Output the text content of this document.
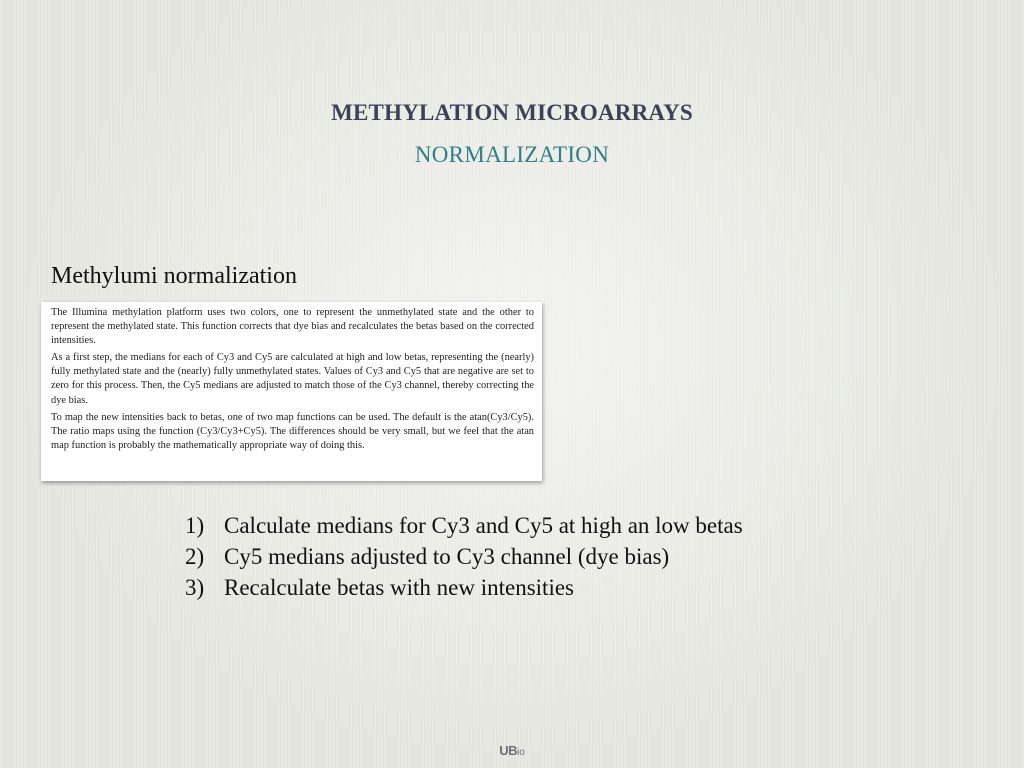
METHYLATION MICROARRAYS
NORMALIZATION
Methylumi normalization

The Illumina methylation platform uses two colors, one to represent the unmethylated state and the other to represent the methylated state. This function corrects that dye bias and recalculates the betas based on the corrected intensities.

As a first step, the medians for each of Cy3 and Cy5 are calculated at high and low betas, representing the (nearly) fully methylated state and the (nearly) fully unmethylated states. Values of Cy3 and Cy5 that are negative are set to zero for this process. Then, the Cy5 medians are adjusted to match those of the Cy3 channel, thereby correcting the dye bias.

To map the new intensities back to betas, one of two map functions can be used. The default is the atan(Cy3/Cy5). The ratio maps using the function (Cy3/Cy3+Cy5). The differences should be very small, but we feel that the atan map function is probably the mathematically appropriate way of doing this.

1) Calculate medians for Cy3 and Cy5 at high an low betas
2) Cy5 medians adjusted to Cy3 channel (dye bias)
3) Recalculate betas with new intensities
UBio
